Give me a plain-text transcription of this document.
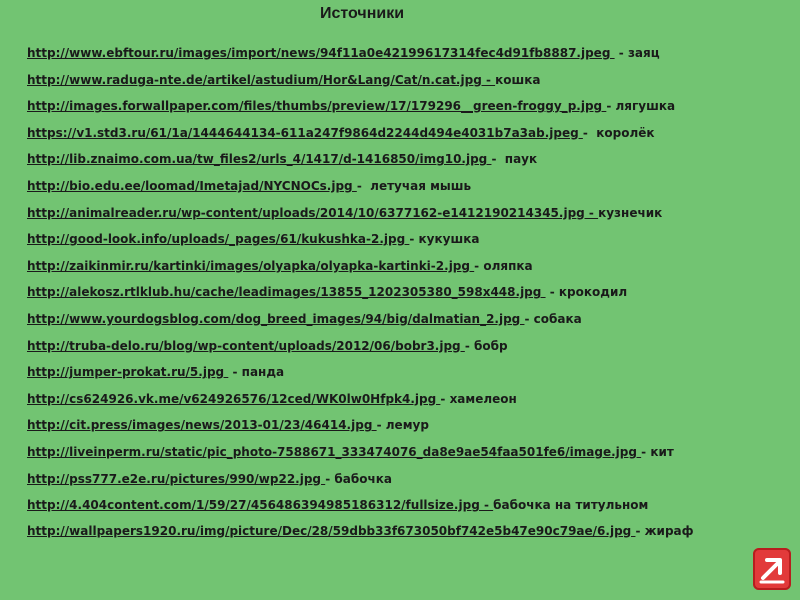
Источники
http://www.ebftour.ru/images/import/news/94f11a0e42199617314fec4d91fb8887.jpeg  - заяц
http://www.raduga-nte.de/artikel/astudium/Hor&Lang/Cat/n.cat.jpg - кошка
http://images.forwallpaper.com/files/thumbs/preview/17/179296__green-froggy_p.jpg - лягушка
https://v1.std3.ru/61/1a/1444644134-611a247f9864d2244d494e4031b7a3ab.jpeg -  королёк
http://lib.znaimo.com.ua/tw_files2/urls_4/1417/d-1416850/img10.jpg -  паук
http://bio.edu.ee/loomad/Imetajad/NYCNOCs.jpg -  летучая мышь
http://animalreader.ru/wp-content/uploads/2014/10/6377162-e1412190214345.jpg - кузнечик
http://good-look.info/uploads/_pages/61/kukushka-2.jpg - кукушка
http://zaikinmir.ru/kartinki/images/olyapka/olyapka-kartinki-2.jpg - оляпка
http://alekosz.rtlklub.hu/cache/leadimages/13855_1202305380_598x448.jpg  - крокодил
http://www.yourdogsblog.com/dog_breed_images/94/big/dalmatian_2.jpg - собака
http://truba-delo.ru/blog/wp-content/uploads/2012/06/bobr3.jpg - бобр
http://jumper-prokat.ru/5.jpg  - панда
http://cs624926.vk.me/v624926576/12ced/WK0lw0Hfpk4.jpg - хамелеон
http://cit.press/images/news/2013-01/23/46414.jpg - лемур
http://liveinperm.ru/static/pic_photo-7588671_333474076_da8e9ae54faa501fe6/image.jpg - кит
http://pss777.e2e.ru/pictures/990/wp22.jpg - бабочка
http://4.404content.com/1/59/27/456486394985186312/fullsize.jpg - бабочка на титульном
http://wallpapers1920.ru/img/picture/Dec/28/59dbb33f673050bf742e5b47e90c79ae/6.jpg - жираф
